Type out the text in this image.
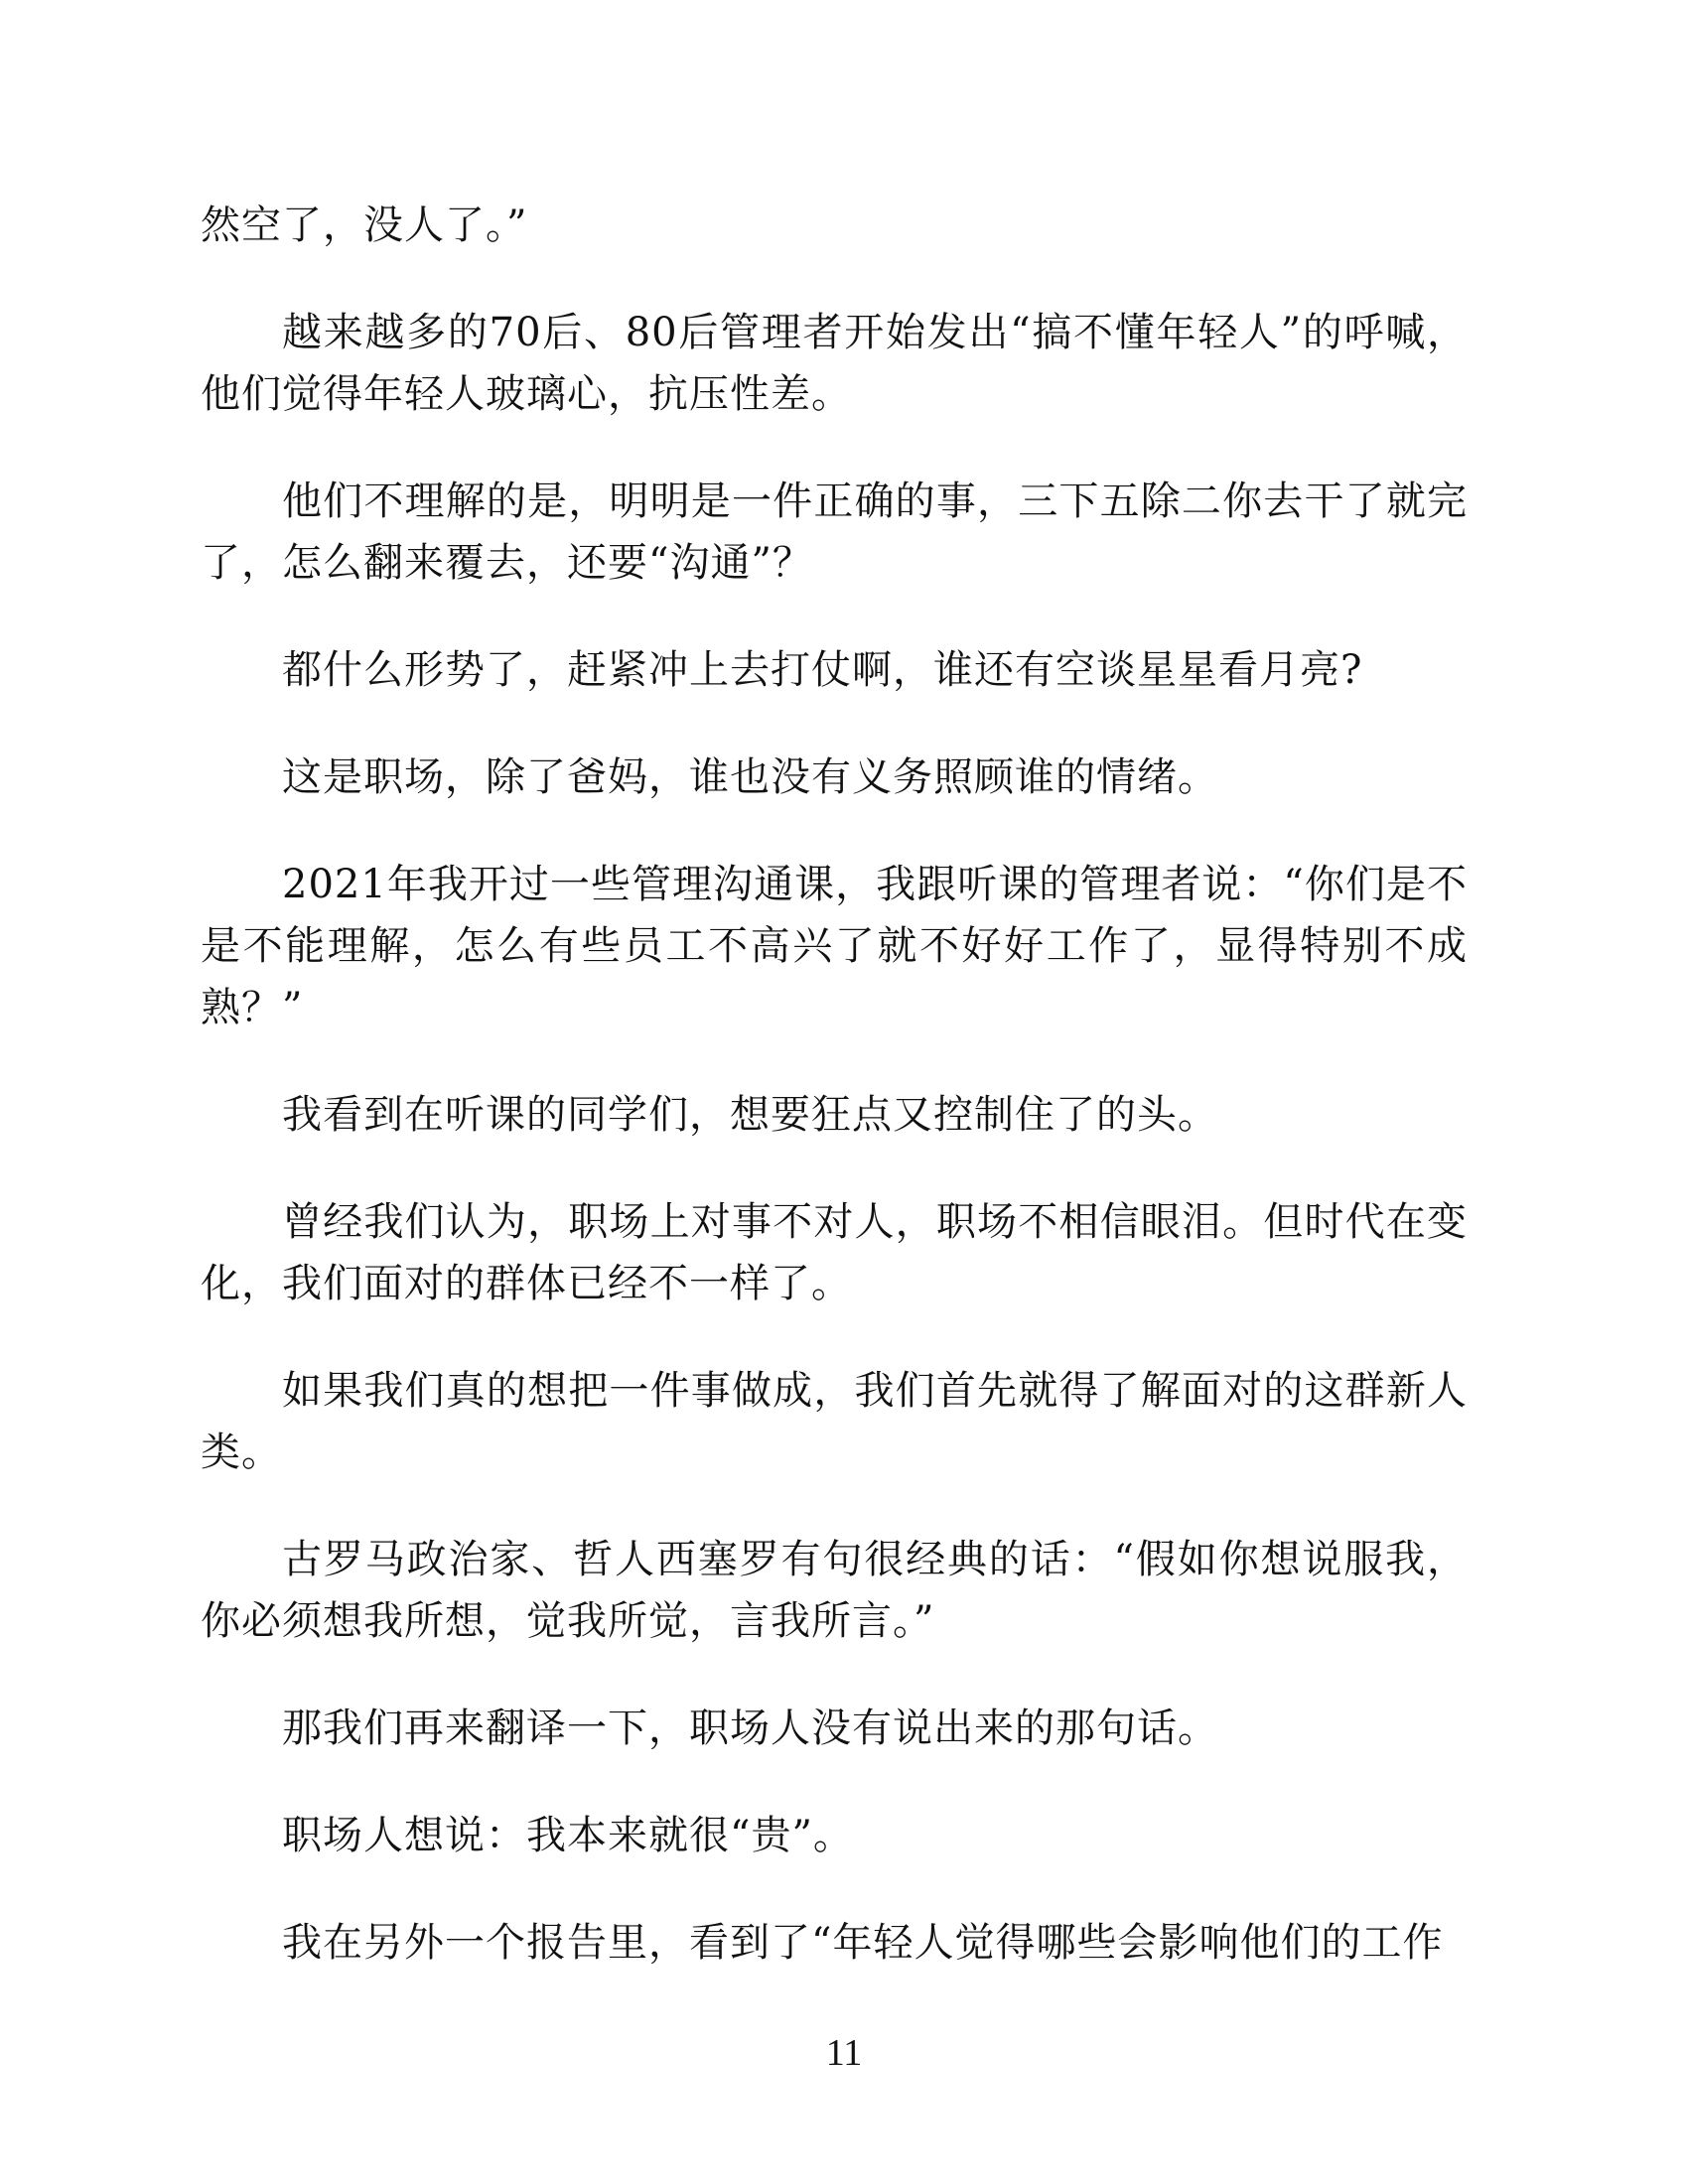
然空了，没人了。”

越来越多的70后、80后管理者开始发出“搞不懂年轻人”的呼喊，他们觉得年轻人玻璃心，抗压性差。

他们不理解的是，明明是一件正确的事，三下五除二你去干了就完了，怎么翻来覆去，还要“沟通”？

都什么形势了，赶紧冲上去打仗啊，谁还有空谈星星看月亮?

这是职场，除了爸妈，谁也没有义务照顾谁的情绪。

2021年我开过一些管理沟通课，我跟听课的管理者说：“你们是不是不能理解，怎么有些员工不高兴了就不好好工作了，显得特别不成熟？”

我看到在听课的同学们，想要狂点又控制住了的头。

曾经我们认为，职场上对事不对人，职场不相信眼泪。但时代在变化，我们面对的群体已经不一样了。

如果我们真的想把一件事做成，我们首先就得了解面对的这群新人类。

古罗马政治家、哲人西塞罗有句很经典的话：“假如你想说服我，你必须想我所想，觉我所觉，言我所言。”

那我们再来翻译一下，职场人没有说出来的那句话。

职场人想说：我本来就很“贵”。

我在另外一个报告里，看到了“年轻人觉得哪些会影响他们的工作

11
